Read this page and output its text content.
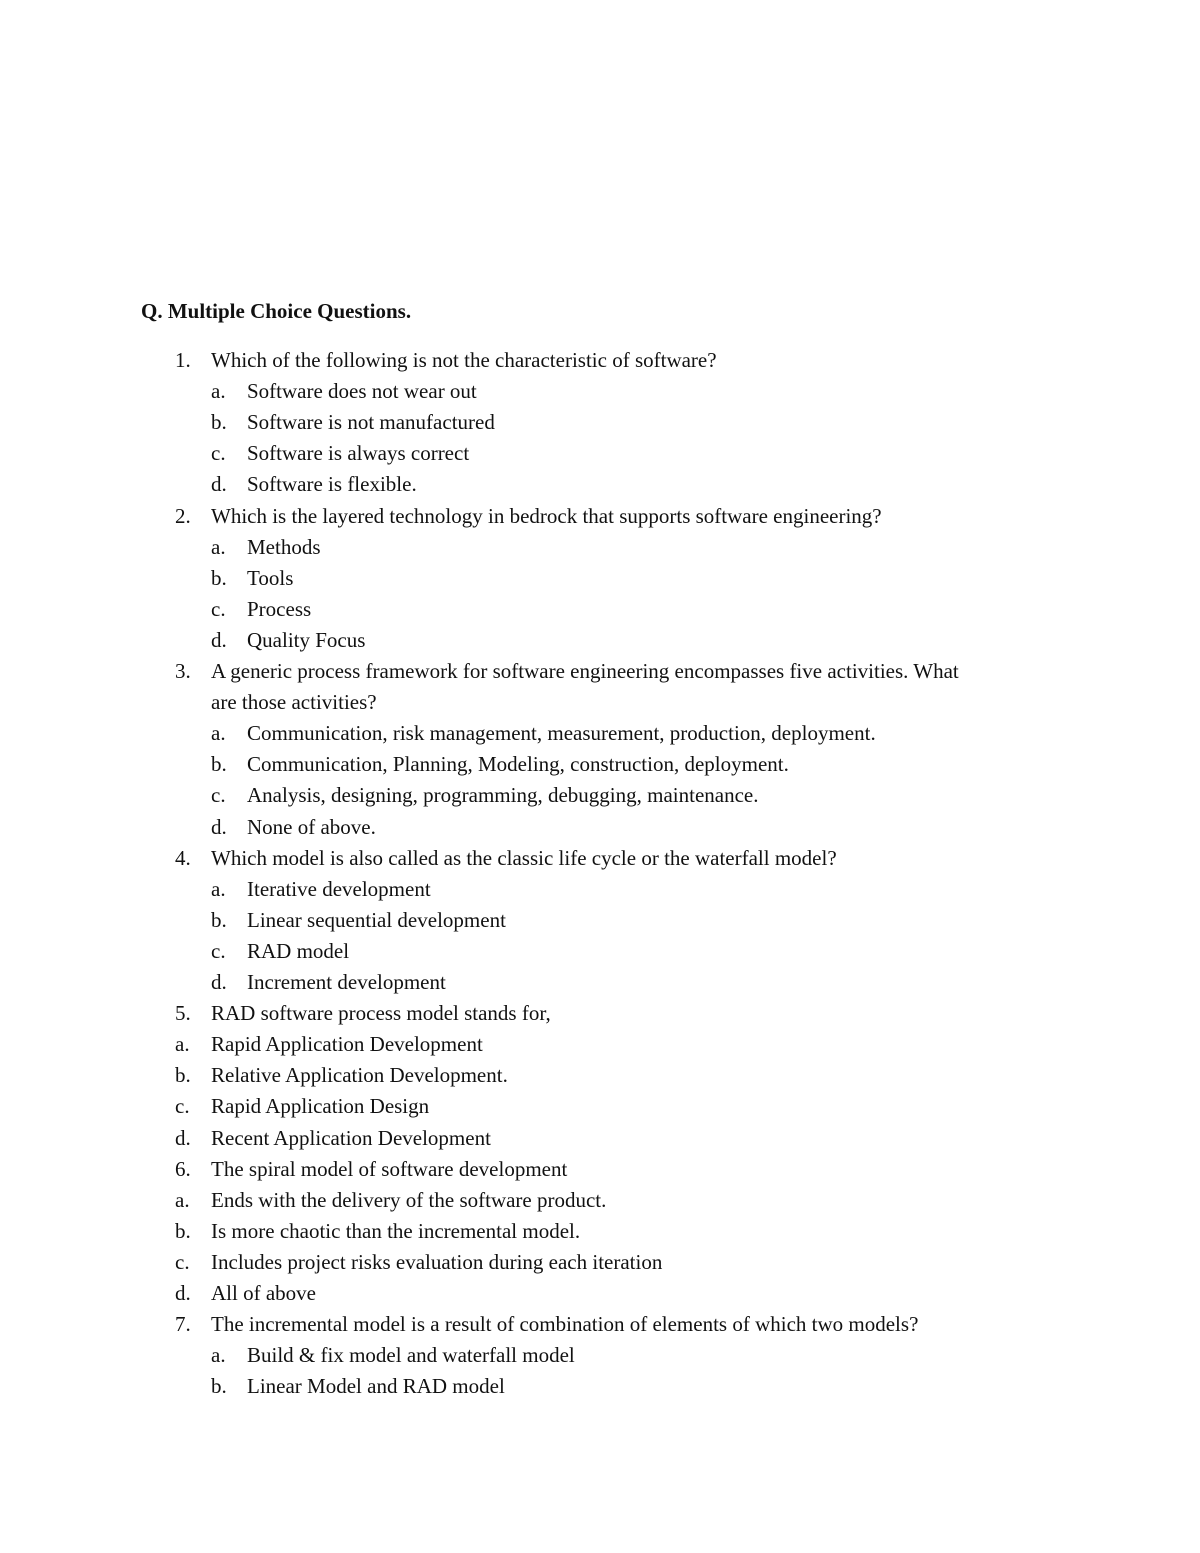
Q. Multiple Choice Questions.
1. Which of the following is not the characteristic of software?
a. Software does not wear out
b. Software is not manufactured
c. Software is always correct
d. Software is flexible.
2. Which is the layered technology in bedrock that supports software engineering?
a. Methods
b. Tools
c. Process
d. Quality Focus
3. A generic process framework for software engineering encompasses five activities. What
are those activities?
a. Communication, risk management, measurement, production, deployment.
b. Communication, Planning, Modeling, construction, deployment.
c. Analysis, designing, programming, debugging, maintenance.
d. None of above.
4. Which model is also called as the classic life cycle or the waterfall model?
a. Iterative development
b. Linear sequential development
c. RAD model
d. Increment development
5. RAD software process model stands for,
a. Rapid Application Development
b. Relative Application Development.
c. Rapid Application Design
d. Recent Application Development
6. The spiral model of software development
a. Ends with the delivery of the software product.
b. Is more chaotic than the incremental model.
c. Includes project risks evaluation during each iteration
d. All of above
7. The incremental model is a result of combination of elements of which two models?
a. Build & fix model and waterfall model
b. Linear Model and RAD model
